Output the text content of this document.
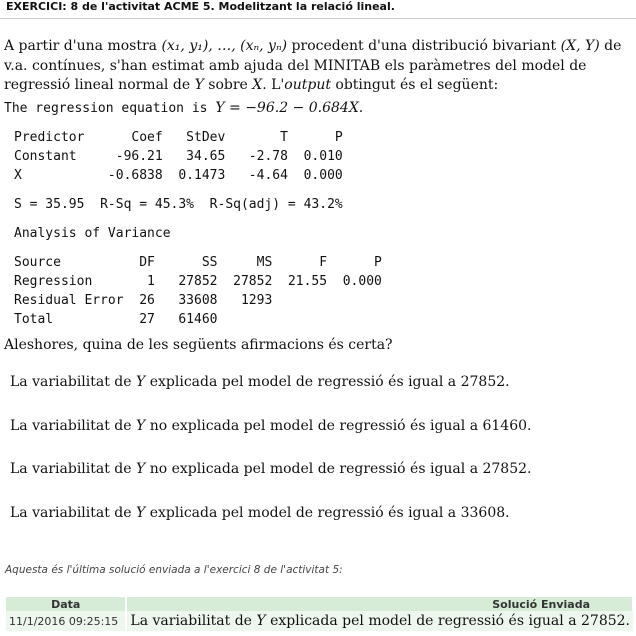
EXERCICI: 8 de l'activitat ACME 5. Modelitzant la relació lineal.
A partir d'una mostra (x₁, y₁), …, (xₙ, yₙ) procedent d'una distribució bivariant (X, Y) de v.a. contínues, s'han estimat amb ajuda del MINITAB els paràmetres del model de regressió lineal normal de Y sobre X. L'output obtingut és el següent:
The regression equation is Y = −96.2 − 0.684X.
Predictor      Coef   StDev       T      P
Constant     -96.21   34.65   -2.78  0.010
X           -0.6838  0.1473   -4.64  0.000
S = 35.95  R-Sq = 45.3%  R-Sq(adj) = 43.2%
Analysis of Variance
Source          DF      SS     MS      F      P
Regression       1   27852  27852  21.55  0.000
Residual Error  26   33608   1293
Total           27   61460
Aleshores, quina de les següents afirmacions és certa?
La variabilitat de Y explicada pel model de regressió és igual a 27852.
La variabilitat de Y no explicada pel model de regressió és igual a 61460.
La variabilitat de Y no explicada pel model de regressió és igual a 27852.
La variabilitat de Y explicada pel model de regressió és igual a 33608.
Aquesta és l'última solució enviada a l'exercici 8 de l'activitat 5:
Data	Solució Enviada
11/1/2016 09:25:15	La variabilitat de Y explicada pel model de regressió és igual a 27852.
